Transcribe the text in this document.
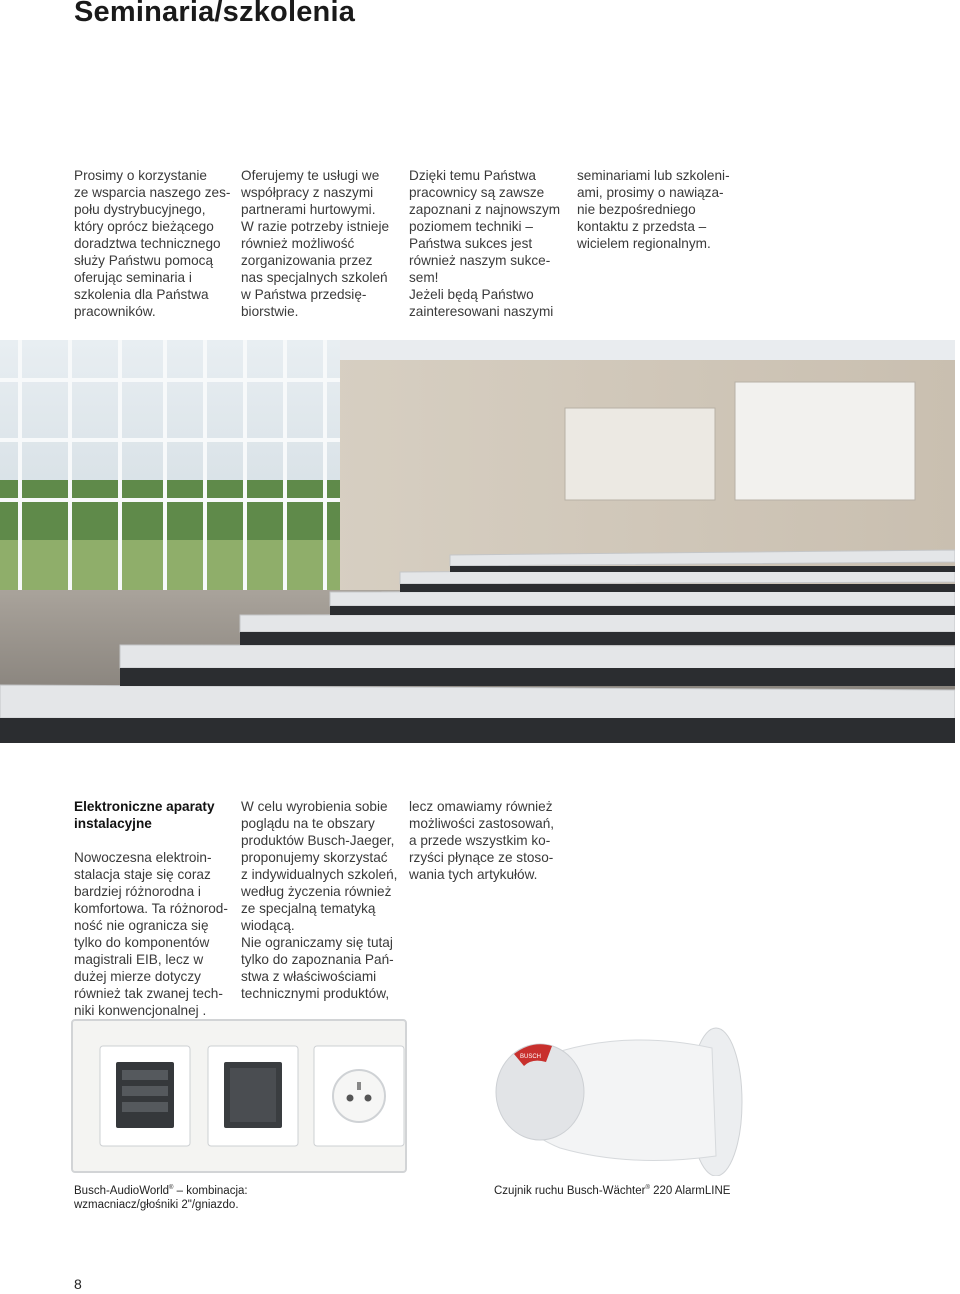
Seminaria/szkolenia

Prosimy o korzystanie
ze wsparcia naszego zes-
połu dystrybucyjnego,
który oprócz bieżącego
doradztwa technicznego
służy Państwu pomocą
oferując seminaria i
szkolenia dla Państwa
pracowników.

Oferujemy te usługi we
współpracy z naszymi
partnerami hurtowymi.
W razie potrzeby istnieje
również możliwość
zorganizowania przez
nas specjalnych szkoleń
w Państwa przedsię-
biorstwie.

Dzięki temu Państwa
pracownicy są zawsze
zapoznani z najnowszym
poziomem techniki –
Państwa sukces jest
również naszym sukce-
sem!
Jeżeli będą Państwo
zainteresowani naszymi

seminariami lub szkoleni-
ami, prosimy o nawiąza-
nie bezpośredniego
kontaktu z przedsta –
wicielem regionalnym.

Elektroniczne aparaty
instalacyjne

Nowoczesna elektroin-
stalacja staje się coraz
bardziej różnorodna i
komfortowa. Ta różnorod-
ność nie ogranicza się
tylko do komponentów
magistrali EIB, lecz w
dużej mierze dotyczy
również tak zwanej tech-
niki konwencjonalnej .

W celu wyrobienia sobie
poglądu na te obszary
produktów Busch-Jaeger,
proponujemy skorzystać
z indywidualnych szkoleń,
według życzenia również
ze specjalną tematyką
wiodącą.
Nie ograniczamy się tutaj
tylko do zapoznania Pań-
stwa z właściwościami
technicznymi produktów,

lecz omawiamy również
możliwości zastosowań,
a przede wszystkim ko-
rzyści płynące ze stoso-
wania tych artykułów.

BUSCH
Busch-AudioWorld® – kombinacja:
wzmacniacz/głośniki 2"/gniazdo.
Czujnik ruchu Busch-Wächter® 220 AlarmLINE
8
